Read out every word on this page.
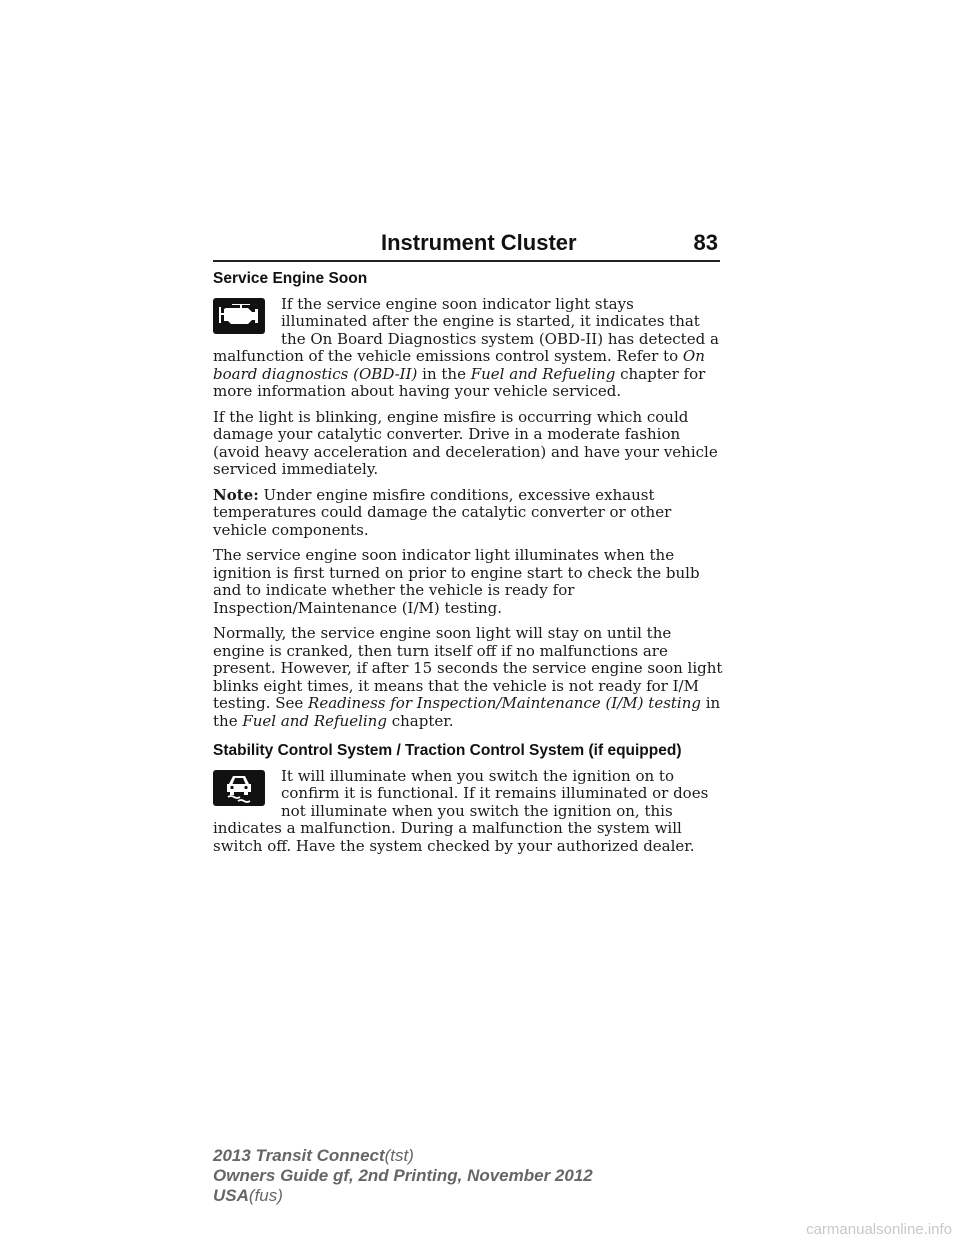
Instrument Cluster	83
Service Engine Soon

If the service engine soon indicator light stays illuminated after the engine is started, it indicates that the On Board Diagnostics system (OBD-II) has detected a malfunction of the vehicle emissions control system. Refer to On board diagnostics (OBD-II) in the Fuel and Refueling chapter for more information about having your vehicle serviced.

If the light is blinking, engine misfire is occurring which could damage your catalytic converter. Drive in a moderate fashion (avoid heavy acceleration and deceleration) and have your vehicle serviced immediately.

Note: Under engine misfire conditions, excessive exhaust temperatures could damage the catalytic converter or other vehicle components.

The service engine soon indicator light illuminates when the ignition is first turned on prior to engine start to check the bulb and to indicate whether the vehicle is ready for Inspection/Maintenance (I/M) testing.

Normally, the service engine soon light will stay on until the engine is cranked, then turn itself off if no malfunctions are present. However, if after 15 seconds the service engine soon light blinks eight times, it means that the vehicle is not ready for I/M testing. See Readiness for Inspection/Maintenance (I/M) testing in the Fuel and Refueling chapter.

Stability Control System / Traction Control System (if equipped)

It will illuminate when you switch the ignition on to confirm it is functional. If it remains illuminated or does not illuminate when you switch the ignition on, this indicates a malfunction. During a malfunction the system will switch off. Have the system checked by your authorized dealer.

2013 Transit Connect(tst)
Owners Guide gf, 2nd Printing, November 2012
USA(fus)
carmanualsonline.info
